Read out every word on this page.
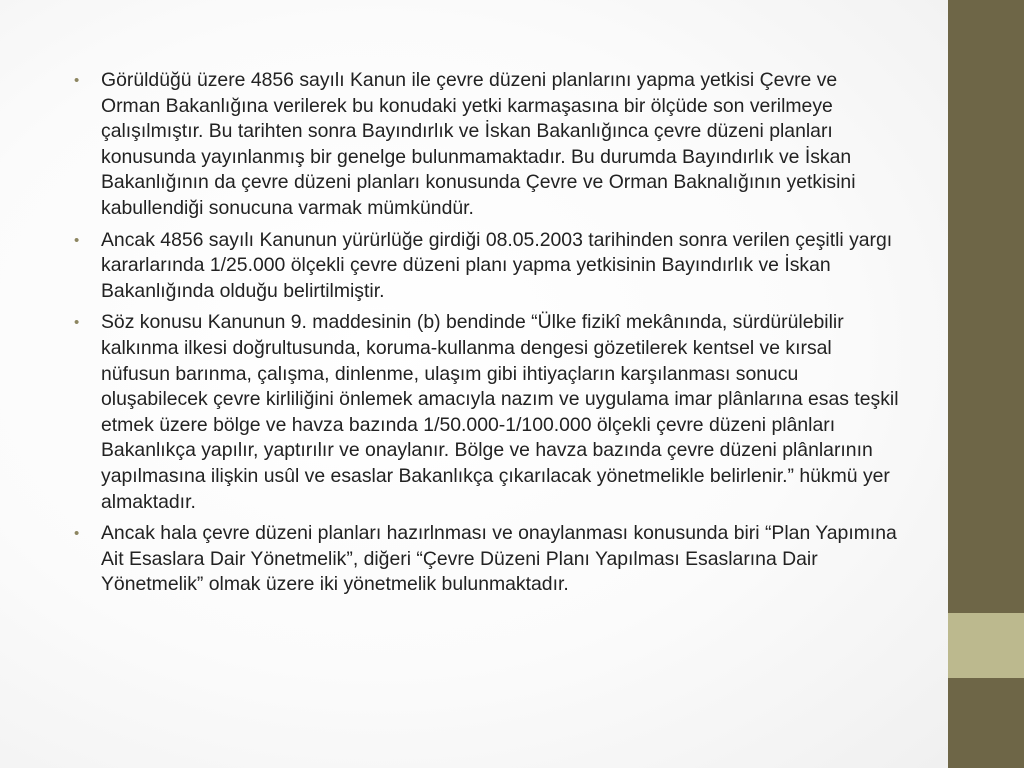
•	Görüldüğü üzere 4856 sayılı Kanun ile çevre düzeni planlarını yapma yetkisi Çevre ve Orman Bakanlığına verilerek bu konudaki yetki karmaşasına bir ölçüde son verilmeye çalışılmıştır. Bu tarihten sonra Bayındırlık ve İskan Bakanlığınca çevre düzeni planları konusunda yayınlanmış bir genelge bulunmamaktadır. Bu durumda Bayındırlık ve İskan Bakanlığının da çevre düzeni planları konusunda Çevre ve Orman Baknalığının yetkisini kabullendiği sonucuna varmak mümkündür.
•	Ancak 4856 sayılı Kanunun yürürlüğe girdiği 08.05.2003 tarihinden sonra verilen çeşitli yargı kararlarında 1/25.000 ölçekli çevre düzeni planı yapma yetkisinin Bayındırlık ve İskan Bakanlığında olduğu belirtilmiştir.
•	Söz konusu Kanunun 9. maddesinin (b) bendinde “Ülke fizikî mekânında, sürdürülebilir kalkınma ilkesi doğrultusunda, koruma-kullanma dengesi gözetilerek kentsel ve kırsal nüfusun barınma, çalışma, dinlenme, ulaşım gibi ihtiyaçların karşılanması sonucu oluşabilecek çevre kirliliğini önlemek amacıyla nazım ve uygulama imar plânlarına esas teşkil etmek üzere bölge ve havza bazında 1/50.000-1/100.000 ölçekli çevre düzeni plânları Bakanlıkça yapılır, yaptırılır ve onaylanır. Bölge ve havza bazında çevre düzeni plânlarının yapılmasına ilişkin usûl ve esaslar Bakanlıkça çıkarılacak yönetmelikle belirlenir.” hükmü yer almaktadır.
•	Ancak hala çevre düzeni planları hazırlnması ve onaylanması konusunda biri “Plan Yapımına Ait Esaslara Dair Yönetmelik”, diğeri “Çevre Düzeni Planı Yapılması Esaslarına Dair Yönetmelik” olmak üzere iki yönetmelik bulunmaktadır.
